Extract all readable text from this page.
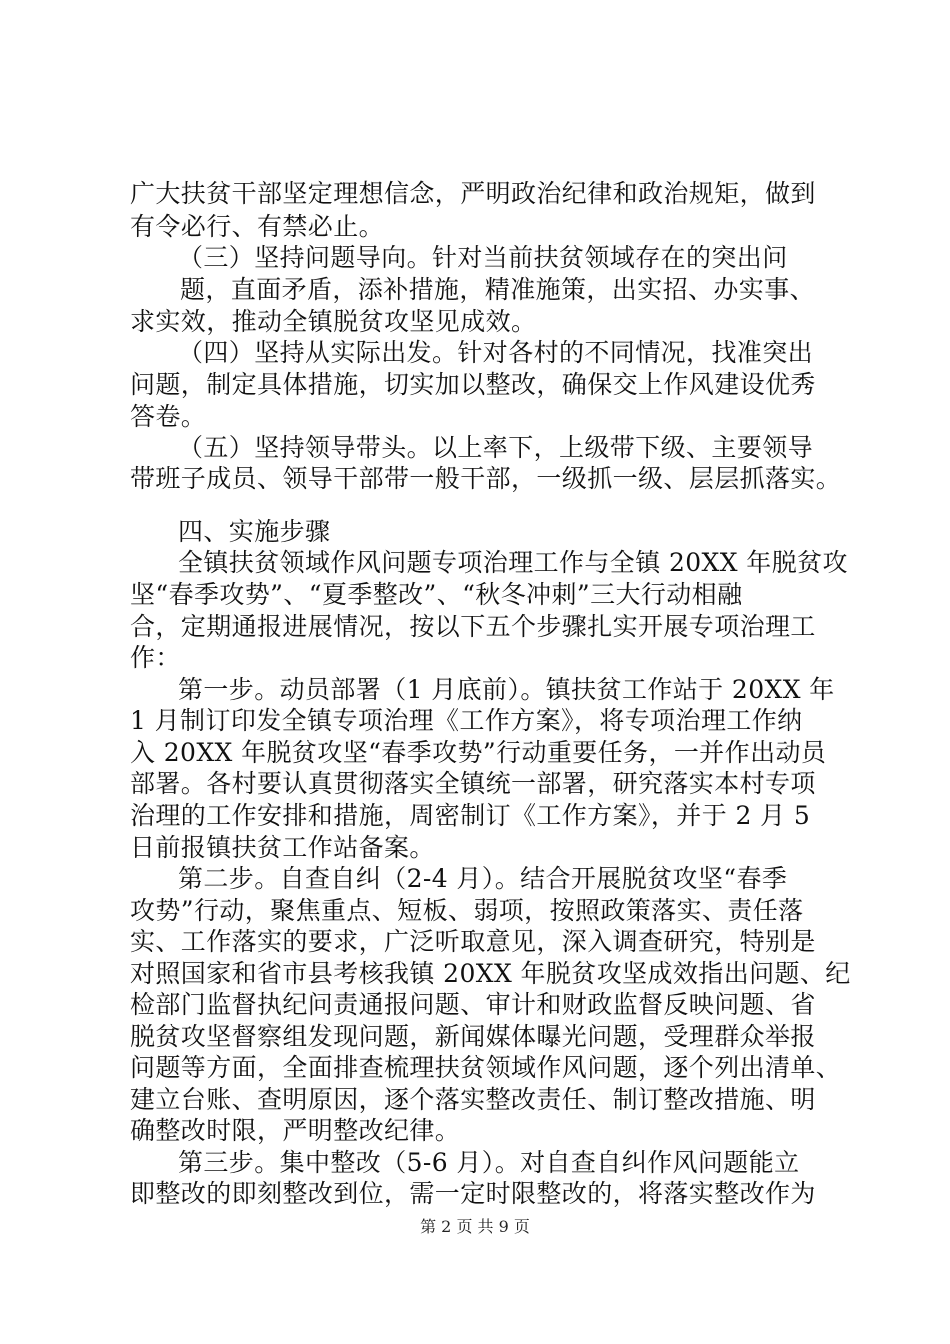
广大扶贫干部坚定理想信念，严明政治纪律和政治规矩，做到
有令必行、有禁必止。
（三）坚持问题导向。针对当前扶贫领域存在的突出问
题，直面矛盾，添补措施，精准施策，出实招、办实事、
求实效，推动全镇脱贫攻坚见成效。
（四）坚持从实际出发。针对各村的不同情况，找准突出
问题，制定具体措施，切实加以整改，确保交上作风建设优秀
答卷。
（五）坚持领导带头。以上率下，上级带下级、主要领导
带班子成员、领导干部带一般干部，一级抓一级、层层抓落实。
四、实施步骤
全镇扶贫领域作风问题专项治理工作与全镇 20XX 年脱贫攻
坚“春季攻势”、“夏季整改”、“秋冬冲刺”三大行动相融
合，定期通报进展情况，按以下五个步骤扎实开展专项治理工
作：
第一步。动员部署（1 月底前）。镇扶贫工作站于 20XX 年
1 月制订印发全镇专项治理《工作方案》，将专项治理工作纳
入 20XX 年脱贫攻坚“春季攻势”行动重要任务，一并作出动员
部署。各村要认真贯彻落实全镇统一部署，研究落实本村专项
治理的工作安排和措施，周密制订《工作方案》，并于 2 月 5
日前报镇扶贫工作站备案。
第二步。自查自纠（2-4 月）。结合开展脱贫攻坚“春季
攻势”行动，聚焦重点、短板、弱项，按照政策落实、责任落
实、工作落实的要求，广泛听取意见，深入调查研究，特别是
对照国家和省市县考核我镇 20XX 年脱贫攻坚成效指出问题、纪
检部门监督执纪问责通报问题、审计和财政监督反映问题、省
脱贫攻坚督察组发现问题，新闻媒体曝光问题，受理群众举报
问题等方面，全面排查梳理扶贫领域作风问题，逐个列出清单、
建立台账、查明原因，逐个落实整改责任、制订整改措施、明
确整改时限，严明整改纪律。
第三步。集中整改（5-6 月）。对自查自纠作风问题能立
即整改的即刻整改到位，需一定时限整改的，将落实整改作为
第 2 页 共 9 页
